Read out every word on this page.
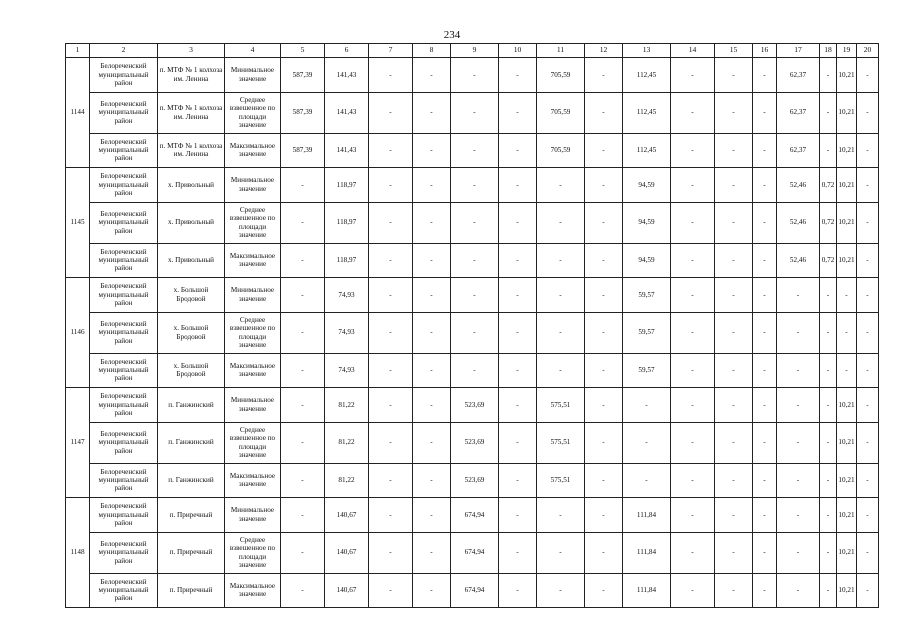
234
1	2	3	4	5	6	7	8	9	10	11	12	13	14	15	16	17	18	19	20
1144	Белореченский муниципальный район	п. МТФ № 1 колхоза им. Ленина	Минимальное значение	587,39	141,43	-	-	-	-	705,59	-	112,45	-	-	-	62,37	-	10,21	-
	Белореченский муниципальный район	п. МТФ № 1 колхоза им. Ленина	Среднее взвешенное по площади значение	587,39	141,43	-	-	-	-	705,59	-	112,45	-	-	-	62,37	-	10,21	-
	Белореченский муниципальный район	п. МТФ № 1 колхоза им. Ленина	Максимальное значение	587,39	141,43	-	-	-	-	705,59	-	112,45	-	-	-	62,37	-	10,21	-
1145	Белореченский муниципальный район	х. Привольный	Минимальное значение	-	118,97	-	-	-	-	-	-	94,59	-	-	-	52,46	0,72	10,21	-
	Белореченский муниципальный район	х. Привольный	Среднее взвешенное по площади значение	-	118,97	-	-	-	-	-	-	94,59	-	-	-	52,46	0,72	10,21	-
	Белореченский муниципальный район	х. Привольный	Максимальное значение	-	118,97	-	-	-	-	-	-	94,59	-	-	-	52,46	0,72	10,21	-
1146	Белореченский муниципальный район	х. Большой Бродовой	Минимальное значение	-	74,93	-	-	-	-	-	-	59,57	-	-	-	-	-	-	-
	Белореченский муниципальный район	х. Большой Бродовой	Среднее взвешенное по площади значение	-	74,93	-	-	-	-	-	-	59,57	-	-	-	-	-	-	-
	Белореченский муниципальный район	х. Большой Бродовой	Максимальное значение	-	74,93	-	-	-	-	-	-	59,57	-	-	-	-	-	-	-
1147	Белореченский муниципальный район	п. Ганжинский	Минимальное значение	-	81,22	-	-	523,69	-	575,51	-	-	-	-	-	-	-	10,21	-
	Белореченский муниципальный район	п. Ганжинский	Среднее взвешенное по площади значение	-	81,22	-	-	523,69	-	575,51	-	-	-	-	-	-	-	10,21	-
	Белореченский муниципальный район	п. Ганжинский	Максимальное значение	-	81,22	-	-	523,69	-	575,51	-	-	-	-	-	-	-	10,21	-
1148	Белореченский муниципальный район	п. Приречный	Минимальное значение	-	140,67	-	-	674,94	-	-	-	111,84	-	-	-	-	-	10,21	-
	Белореченский муниципальный район	п. Приречный	Среднее взвешенное по площади значение	-	140,67	-	-	674,94	-	-	-	111,84	-	-	-	-	-	10,21	-
	Белореченский муниципальный район	п. Приречный	Максимальное значение	-	140,67	-	-	674,94	-	-	-	111,84	-	-	-	-	-	10,21	-
